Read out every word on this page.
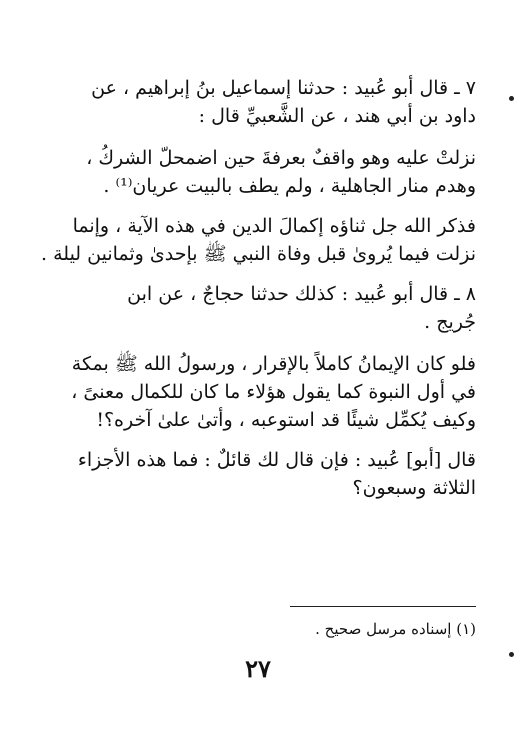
٧ ـ قال أبو عُبيد : حدثنا إسماعيل بنُ إبراهيم ، عن
داود بن أبي هند ، عن الشَّعبيِّ قال :
نزلتْ عليه وهو واقفٌ بعرفةَ حين اضمحلّ الشركُ ،
وهدم منار الجاهلية ، ولم يطف بالبيت عريان⁽¹⁾ .
فذكر الله جل ثناؤه إكمالَ الدين في هذه الآية ، وإنما
نزلت فيما يُروىٰ قبل وفاة النبي ﷺ بإحدىٰ وثمانين ليلة .
٨ ـ قال أبو عُبيد : كذلك حدثنا حجاجٌ ، عن ابن
جُريج .
فلو كان الإيمانُ كاملاً بالإقرار ، ورسولُ الله ﷺ بمكة
في أول النبوة كما يقول هؤلاء ما كان للكمال معنىً ،
وكيف يُكمِّل شيئًا قد استوعبه ، وأتىٰ علىٰ آخره؟!
قال [أبو] عُبيد : فإن قال لك قائلٌ : فما هذه الأجزاء
الثلاثة وسبعون؟
(١) إسناده مرسل صحيح .
٢٧
